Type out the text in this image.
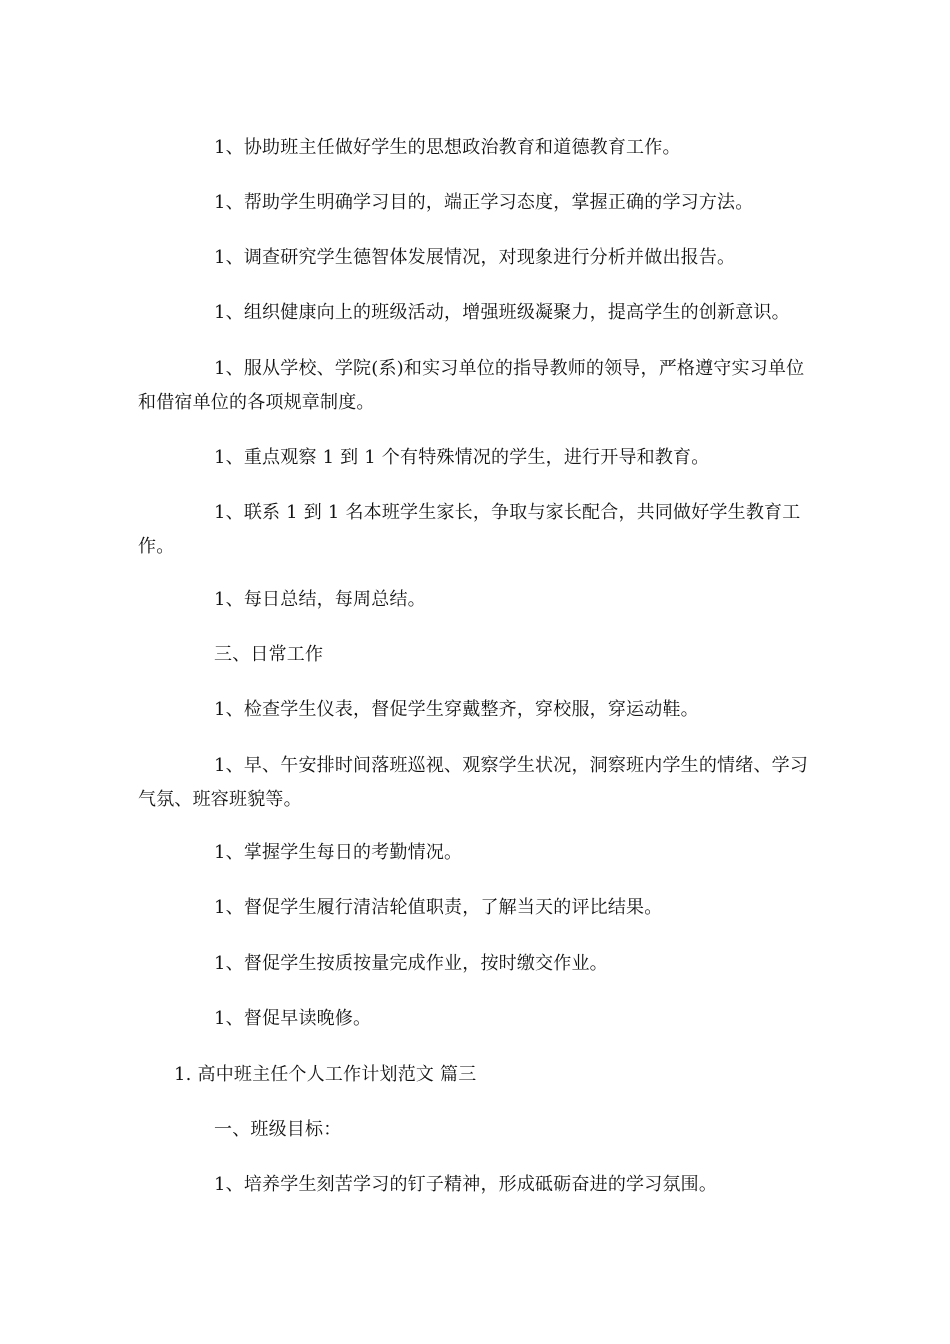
1、协助班主任做好学生的思想政治教育和道德教育工作。

1、帮助学生明确学习目的，端正学习态度，掌握正确的学习方法。

1、调查研究学生德智体发展情况，对现象进行分析并做出报告。

1、组织健康向上的班级活动，增强班级凝聚力，提高学生的创新意识。

1、服从学校、学院(系)和实习单位的指导教师的领导，严格遵守实习单位和借宿单位的各项规章制度。

1、重点观察 1 到 1 个有特殊情况的学生，进行开导和教育。

1、联系 1 到 1 名本班学生家长，争取与家长配合，共同做好学生教育工作。

1、每日总结，每周总结。

三、日常工作

1、检查学生仪表，督促学生穿戴整齐，穿校服，穿运动鞋。

1、早、午安排时间落班巡视、观察学生状况，洞察班内学生的情绪、学习气氛、班容班貌等。

1、掌握学生每日的考勤情况。

1、督促学生履行清洁轮值职责，了解当天的评比结果。

1、督促学生按质按量完成作业，按时缴交作业。

1、督促早读晚修。

1. 高中班主任个人工作计划范文 篇三

一、班级目标：

1、培养学生刻苦学习的钉子精神，形成砥砺奋进的学习氛围。
